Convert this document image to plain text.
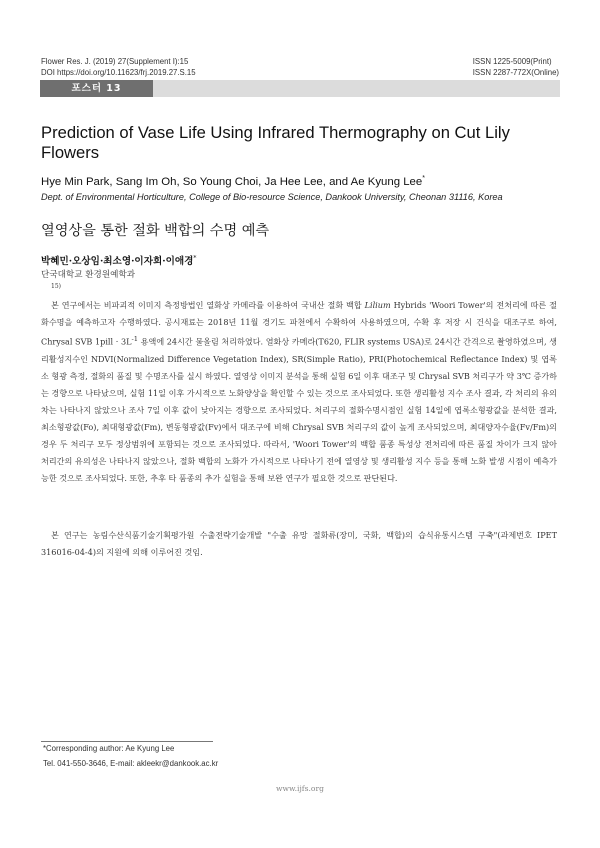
Flower Res. J. (2019) 27(Supplement I):15
DOI https://doi.org/10.11623/frj.2019.27.S.15
ISSN 1225-5009(Print)
ISSN 2287-772X(Online)
포스터 13
Prediction of Vase Life Using Infrared Thermography on Cut Lily Flowers
Hye Min Park, Sang Im Oh, So Young Choi, Ja Hee Lee, and Ae Kyung Lee*
Dept. of Environmental Horticulture, College of Bio-resource Science, Dankook University, Cheonan 31116, Korea
열영상을 통한 절화 백합의 수명 예측
박혜민·오상임·최소영·이자희·이애경*
단국대학교 환경원예학과
15)

본 연구에서는 비파괴적 이미지 측정방법인 열화상 카메라를 이용하여 국내산 절화 백합 Lilium Hybrids 'Woori Tower'의 전처리에 따른 절화수명을 예측하고자 수행하였다. 공시재료는 2018년 11월 경기도 파천에서 수확하여 사용하였으며, 수확 후 저장 시 건식을 대조구로 하여, Chrysal SVB 1pill · $3L^{-1}$ 용액에 24시간 물올림 처리하였다. 열화상 카메라(T620, FLIR systems USA)로 24시간 간격으로 촬영하였으며, 생리활성지수인 NDVI(Normalized Difference Vegetation Index), SR(Simple Ratio), PRI(Photochemical Reflectance Index) 및 엽록소 형광 측정, 절화의 품질 및 수명조사를 실시 하였다. 열영상 이미지 분석을 통해 실험 6일 이후 대조구 및 Chrysal SVB 처리구가 약 3℃ 증가하는 경향으로 나타났으며, 실험 11일 이후 가시적으로 노화양상을 확인할 수 있는 것으로 조사되었다. 또한 생리활성 지수 조사 결과, 각 처리의 유의차는 나타나지 않았으나 조사 7일 이후 값이 낮아지는 경향으로 조사되었다. 처리구의 절화수명시점인 실험 14일에 엽록소형광값을 분석한 결과, 최소형광값(Fo), 최대형광값(Fm), 변동형광값(Fv)에서 대조구에 비해 Chrysal SVB 처리구의 값이 높게 조사되었으며, 최대양자수율(Fv/Fm)의 경우 두 처리구 모두 정상범위에 포함되는 것으로 조사되었다. 따라서, 'Woori Tower'의 백합 품종 특성상 전처리에 따른 품질 차이가 크지 않아 처리간의 유의성은 나타나지 않았으나, 절화 백합의 노화가 가시적으로 나타나기 전에 열영상 및 생리활성 지수 등을 통해 노화 발생 시점이 예측가능한 것으로 조사되었다. 또한, 추후 타 품종의 추가 실험을 통해 보완 연구가 필요한 것으로 판단된다.

본 연구는 농림수산식품기술기획평가원 수출전략기술개발 "수출 유망 절화류(장미, 국화, 백합)의 습식유통시스템 구축"(과제번호 IPET 316016-04-4)의 지원에 의해 이루어진 것임.

*Corresponding author: Ae Kyung Lee
Tel. 041-550-3646, E-mail: akleekr@dankook.ac.kr
www.ijfs.org
